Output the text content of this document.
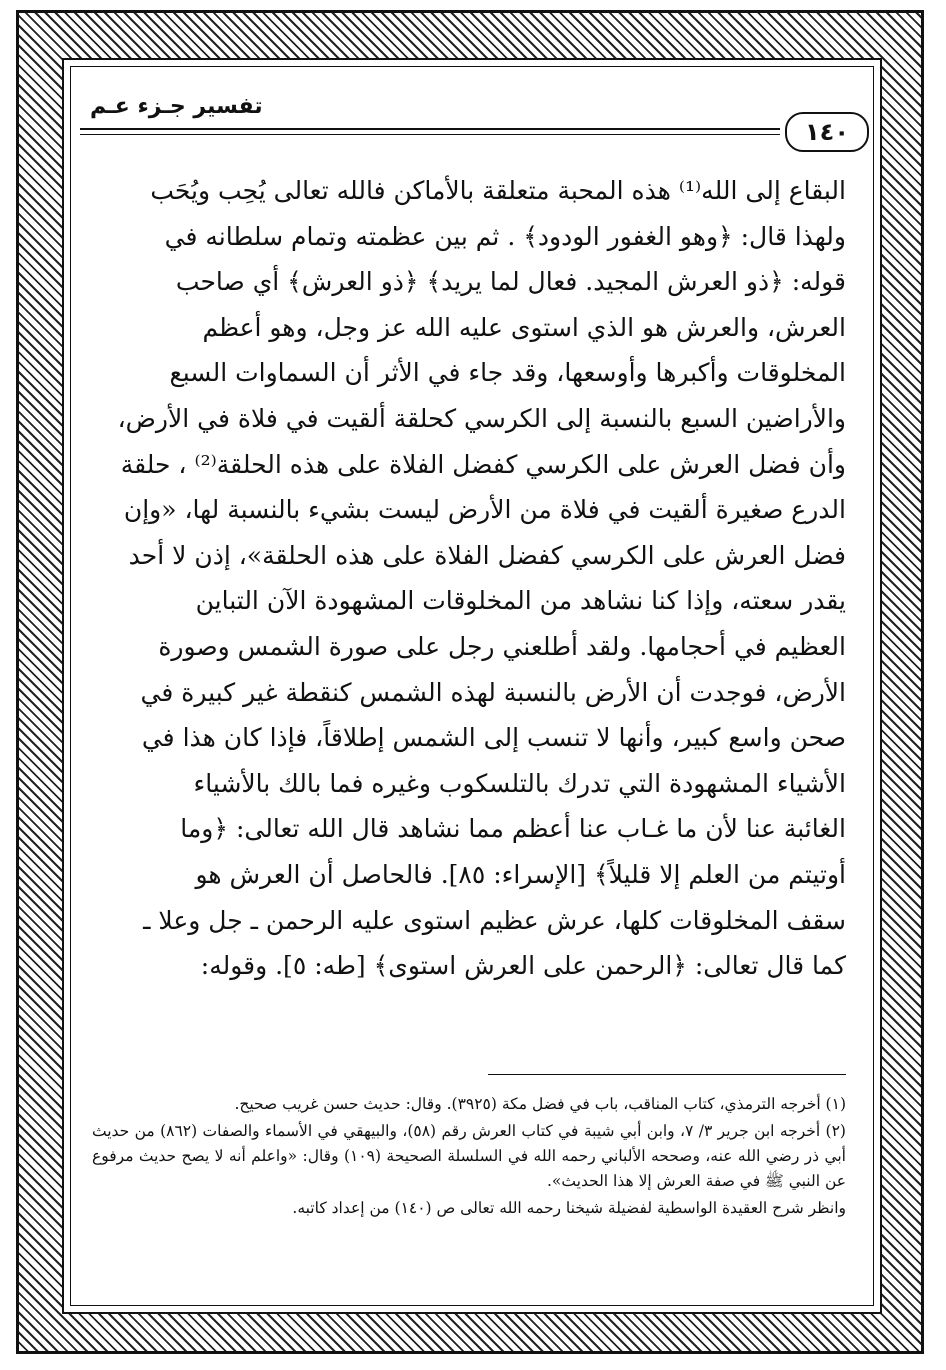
تفسير جـزء عـم
١٤٠

البقاع إلى الله⁽¹⁾ هذه المحبة متعلقة بالأماكن فالله تعالى يُحِب ويُحَب

ولهذا قال: ﴿وهو الغفور الودود﴾ . ثم بين عظمته وتمام سلطانه في

قوله: ﴿ذو العرش المجيد. فعال لما يريد﴾ ﴿ذو العرش﴾ أي صاحب

العرش، والعرش هو الذي استوى عليه الله عز وجل، وهو أعظم

المخلوقات وأكبرها وأوسعها، وقد جاء في الأثر أن السماوات السبع

والأراضين السبع بالنسبة إلى الكرسي كحلقة ألقيت في فلاة في الأرض،

وأن فضل العرش على الكرسي كفضل الفلاة على هذه الحلقة⁽²⁾ ، حلقة

الدرع صغيرة ألقيت في فلاة من الأرض ليست بشيء بالنسبة لها، «وإن

فضل العرش على الكرسي كفضل الفلاة على هذه الحلقة»، إذن لا أحد

يقدر سعته، وإذا كنا نشاهد من المخلوقات المشهودة الآن التباين

العظيم في أحجامها. ولقد أطلعني رجل على صورة الشمس وصورة

الأرض، فوجدت أن الأرض بالنسبة لهذه الشمس كنقطة غير كبيرة في

صحن واسع كبير، وأنها لا تنسب إلى الشمس إطلاقاً، فإذا كان هذا في

الأشياء المشهودة التي تدرك بالتلسكوب وغيره فما بالك بالأشياء

الغائبة عنا لأن ما غـاب عنا أعظم مما نشاهد قال الله تعالى: ﴿وما

أوتيتم من العلم إلا قليلاً﴾ [الإسراء: ٨٥]. فالحاصل أن العرش هو

سقف المخلوقات كلها، عرش عظيم استوى عليه الرحمن ـ جل وعلا ـ

كما قال تعالى: ﴿الرحمن على العرش استوى﴾ [طه: ٥]. وقوله:

(١) أخرجه الترمذي، كتاب المناقب، باب في فضل مكة (٣٩٢٥). وقال: حديث حسن غريب صحيح.

(٢) أخرجه ابن جرير ٣/ ٧، وابن أبي شيبة في كتاب العرش رقم (٥٨)، والبيهقي في الأسماء والصفات (٨٦٢) من حديث أبي ذر رضي الله عنه، وصححه الألباني رحمه الله في السلسلة الصحيحة (١٠٩) وقال: «واعلم أنه لا يصح حديث مرفوع عن النبي ﷺ في صفة العرش إلا هذا الحديث».

وانظر شرح العقيدة الواسطية لفضيلة شيخنا رحمه الله تعالى ص (١٤٠) من إعداد كاتبه.
